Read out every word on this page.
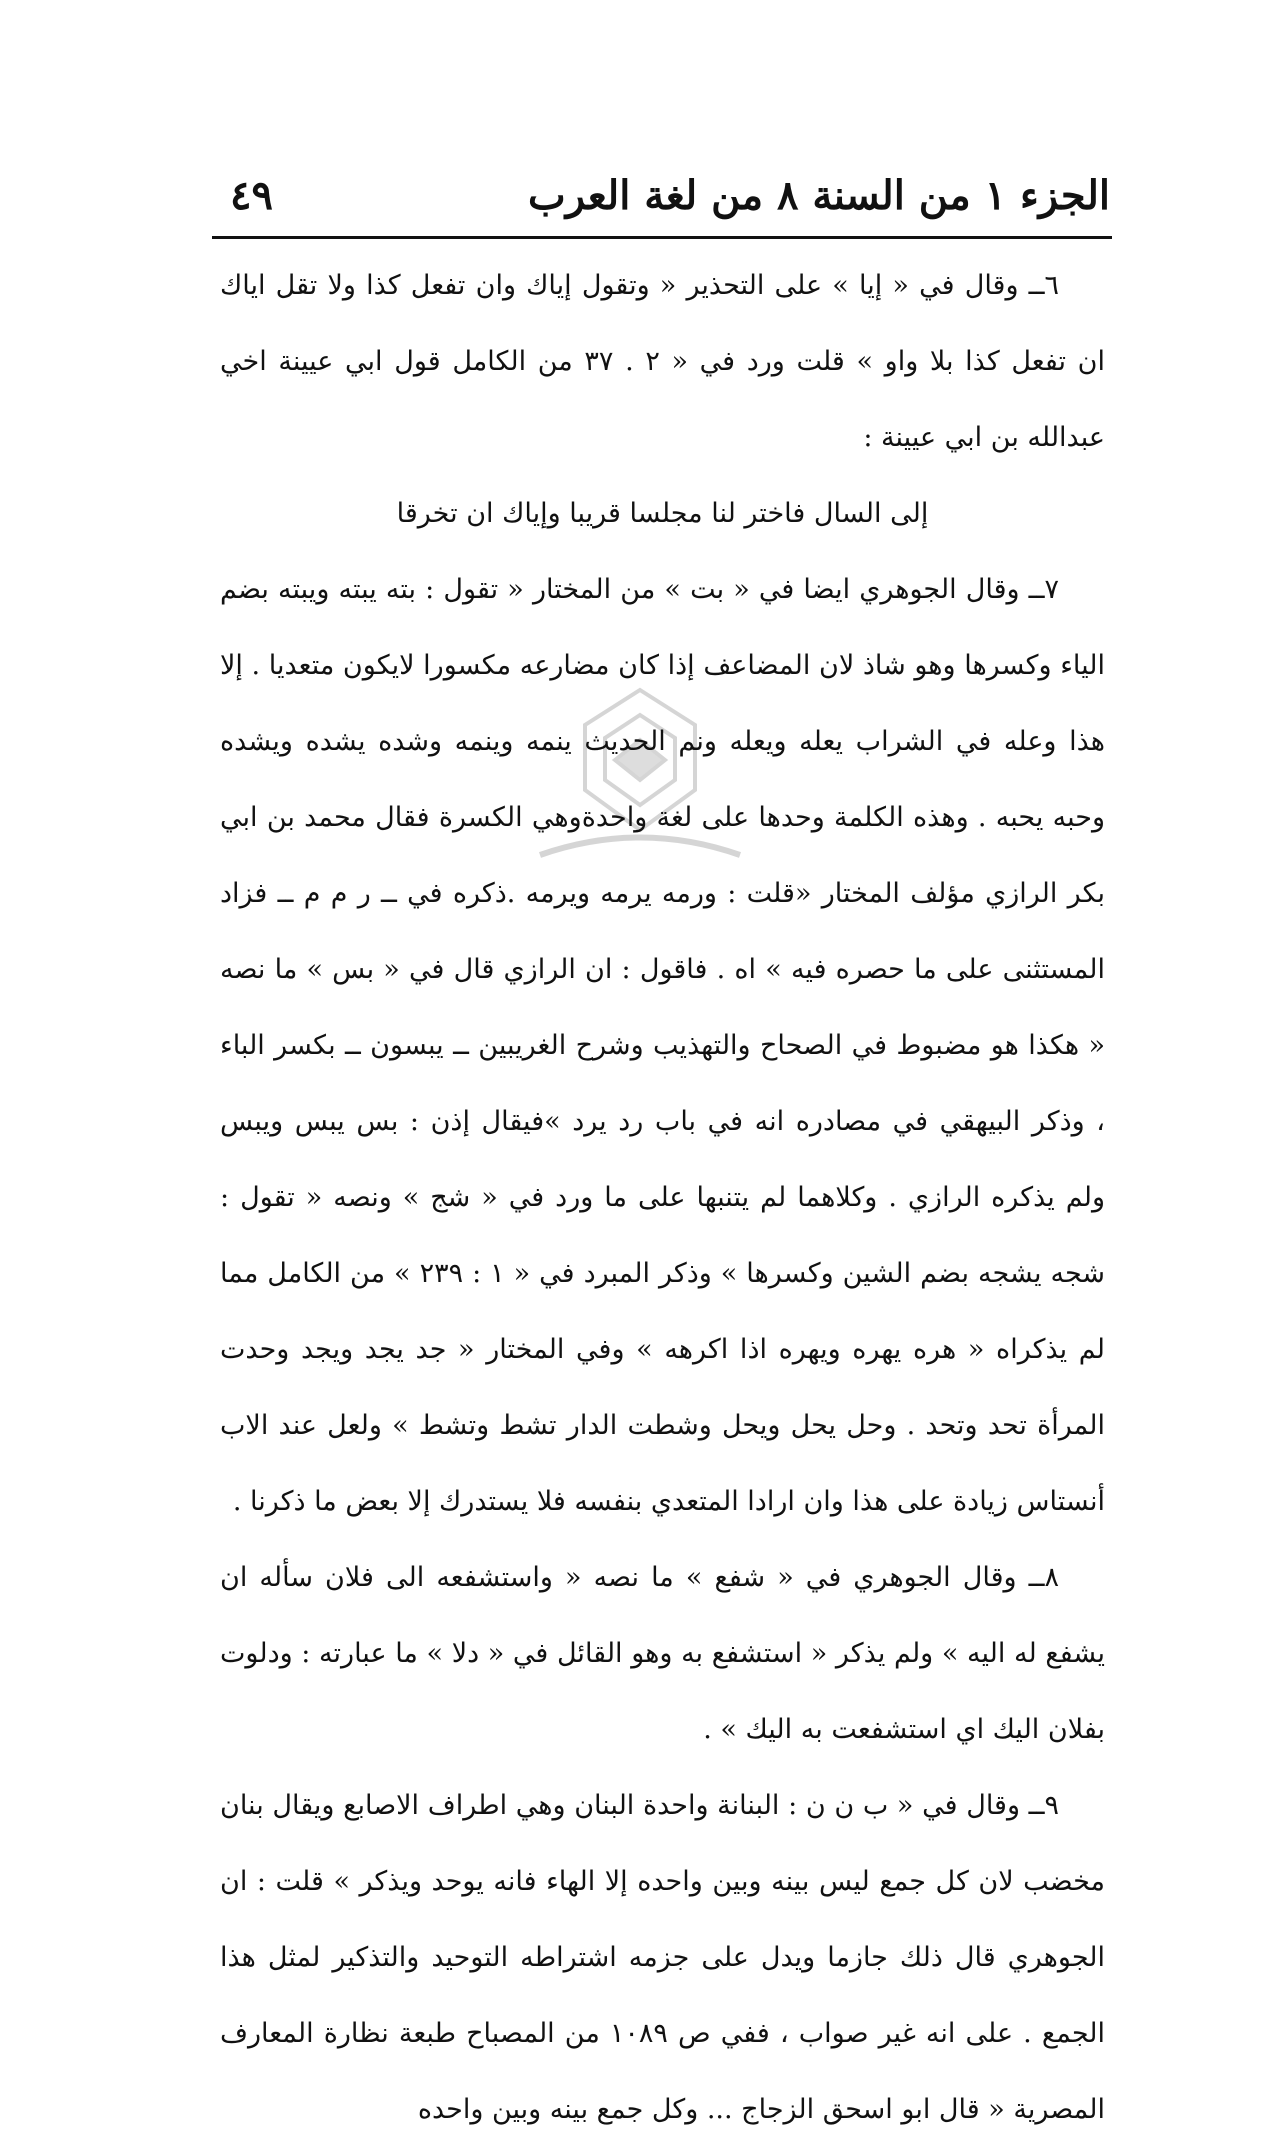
الجزء ١ من السنة ٨ من لغة العرب
٤٩

٦ــ وقال في « إيا » على التحذير « وتقول إياك وان تفعل كذا ولا تقل اياك ان تفعل كذا بلا واو » قلت ورد في « ٢ . ٣٧ من الكامل قول ابي عيينة اخي عبدالله بن ابي عيينة :

إلى السال فاختر لنا مجلسا قريبا وإياك ان تخرقا

٧ــ وقال الجوهري ايضا في « بت » من المختار « تقول : بته يبته ويبته بضم الياء وكسرها وهو شاذ لان المضاعف إذا كان مضارعه مكسورا لايكون متعديا . إلا هذا وعله في الشراب يعله ويعله ونم الحديث ينمه وينمه وشده يشده ويشده وحبه يحبه . وهذه الكلمة وحدها على لغة واحدةوهي الكسرة فقال محمد بن ابي بكر الرازي مؤلف المختار «قلت : ورمه يرمه ويرمه .ذكره في ــ ر م م ــ فزاد المستثنى على ما حصره فيه » اه . فاقول : ان الرازي قال في « بس » ما نصه « هكذا هو مضبوط في الصحاح والتهذيب وشرح الغريبين ــ يبسون ــ بكسر الباء ، وذكر البيهقي في مصادره انه في باب رد يرد »فيقال إذن : بس يبس ويبس ولم يذكره الرازي . وكلاهما لم يتنبها على ما ورد في « شج » ونصه « تقول : شجه يشجه بضم الشين وكسرها » وذكر المبرد في « ١ : ٢٣٩ » من الكامل مما لم يذكراه « هره يهره ويهره اذا اكرهه » وفي المختار « جد يجد ويجد وحدت المرأة تحد وتحد . وحل يحل ويحل وشطت الدار تشط وتشط » ولعل عند الاب أنستاس زيادة على هذا وان ارادا المتعدي بنفسه فلا يستدرك إلا بعض ما ذكرنا .

٨ــ وقال الجوهري في « شفع » ما نصه « واستشفعه الى فلان سأله ان يشفع له اليه » ولم يذكر « استشفع به وهو القائل في « دلا » ما عبارته : ودلوت بفلان اليك اي استشفعت به اليك » .

٩ــ وقال في « ب ن ن : البنانة واحدة البنان وهي اطراف الاصابع ويقال بنان مخضب لان كل جمع ليس بينه وبين واحده إلا الهاء فانه يوحد ويذكر » قلت : ان الجوهري قال ذلك جازما ويدل على جزمه اشتراطه التوحيد والتذكير لمثل هذا الجمع . على انه غير صواب ، ففي ص ١٠٨٩ من المصباح طبعة نظارة المعارف المصرية « قال ابو اسحق الزجاج ... وكل جمع بينه وبين واحده
